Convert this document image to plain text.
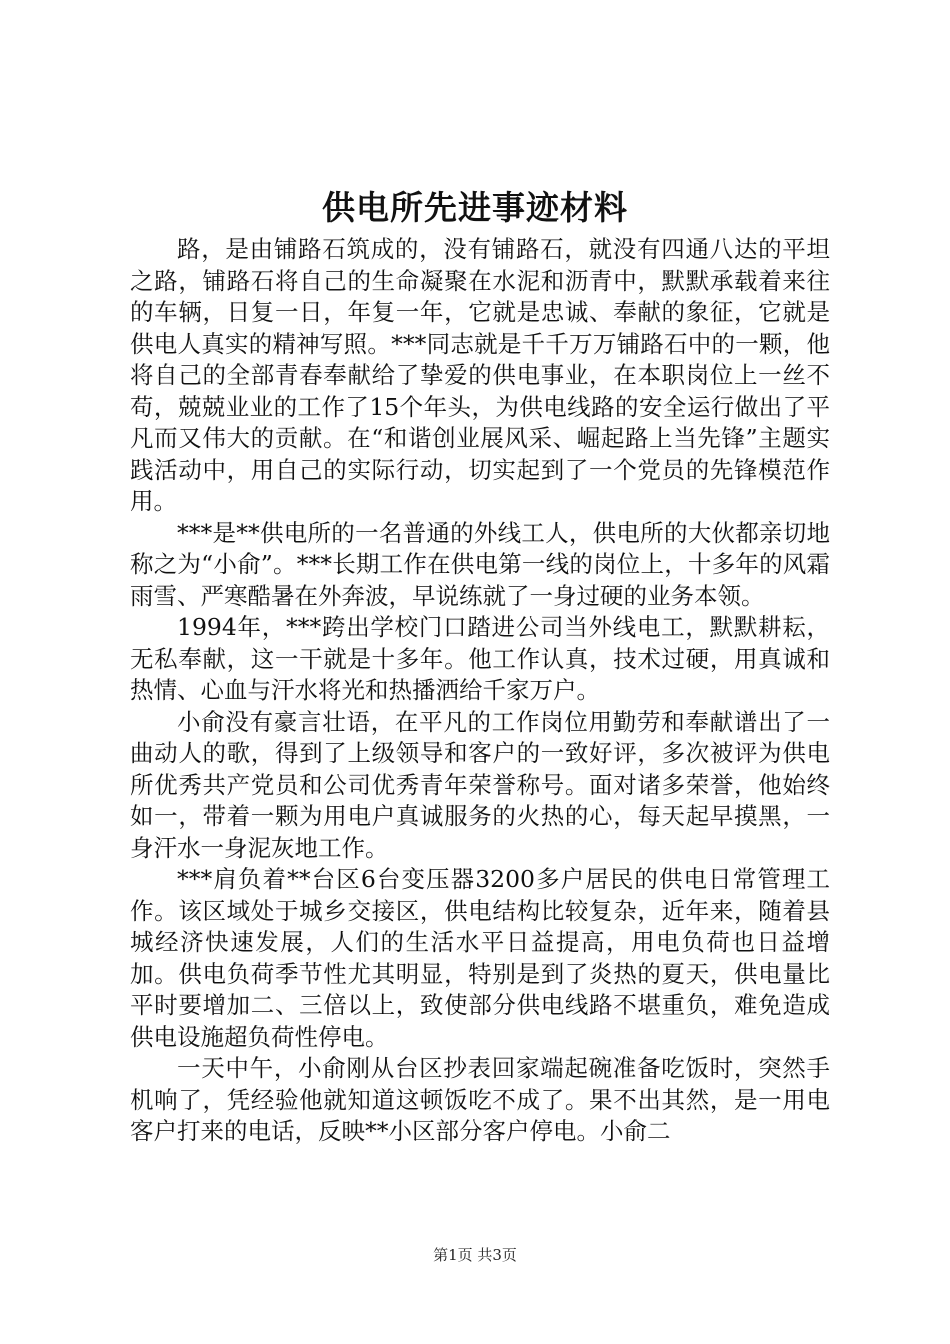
供电所先进事迹材料

路，是由铺路石筑成的，没有铺路石，就没有四通八达的平坦之路，铺路石将自己的生命凝聚在水泥和沥青中，默默承载着来往的车辆，日复一日，年复一年，它就是忠诚、奉献的象征，它就是供电人真实的精神写照。***同志就是千千万万铺路石中的一颗，他将自己的全部青春奉献给了挚爱的供电事业，在本职岗位上一丝不苟，兢兢业业的工作了15个年头，为供电线路的安全运行做出了平凡而又伟大的贡献。在“和谐创业展风采、崛起路上当先锋”主题实践活动中，用自己的实际行动，切实起到了一个党员的先锋模范作用。

***是**供电所的一名普通的外线工人，供电所的大伙都亲切地称之为“小俞”。***长期工作在供电第一线的岗位上，十多年的风霜雨雪、严寒酷暑在外奔波，早说练就了一身过硬的业务本领。

1994年，***跨出学校门口踏进公司当外线电工，默默耕耘，无私奉献，这一干就是十多年。他工作认真，技术过硬，用真诚和热情、心血与汗水将光和热播洒给千家万户。

小俞没有豪言壮语，在平凡的工作岗位用勤劳和奉献谱出了一曲动人的歌，得到了上级领导和客户的一致好评，多次被评为供电所优秀共产党员和公司优秀青年荣誉称号。面对诸多荣誉，他始终如一，带着一颗为用电户真诚服务的火热的心，每天起早摸黑，一身汗水一身泥灰地工作。

***肩负着**台区6台变压器3200多户居民的供电日常管理工作。该区域处于城乡交接区，供电结构比较复杂，近年来，随着县城经济快速发展，人们的生活水平日益提高，用电负荷也日益增加。供电负荷季节性尤其明显，特别是到了炎热的夏天，供电量比平时要增加二、三倍以上，致使部分供电线路不堪重负，难免造成供电设施超负荷性停电。

一天中午，小俞刚从台区抄表回家端起碗准备吃饭时，突然手机响了，凭经验他就知道这顿饭吃不成了。果不出其然，是一用电客户打来的电话，反映**小区部分客户停电。小俞二

第1页 共3页
